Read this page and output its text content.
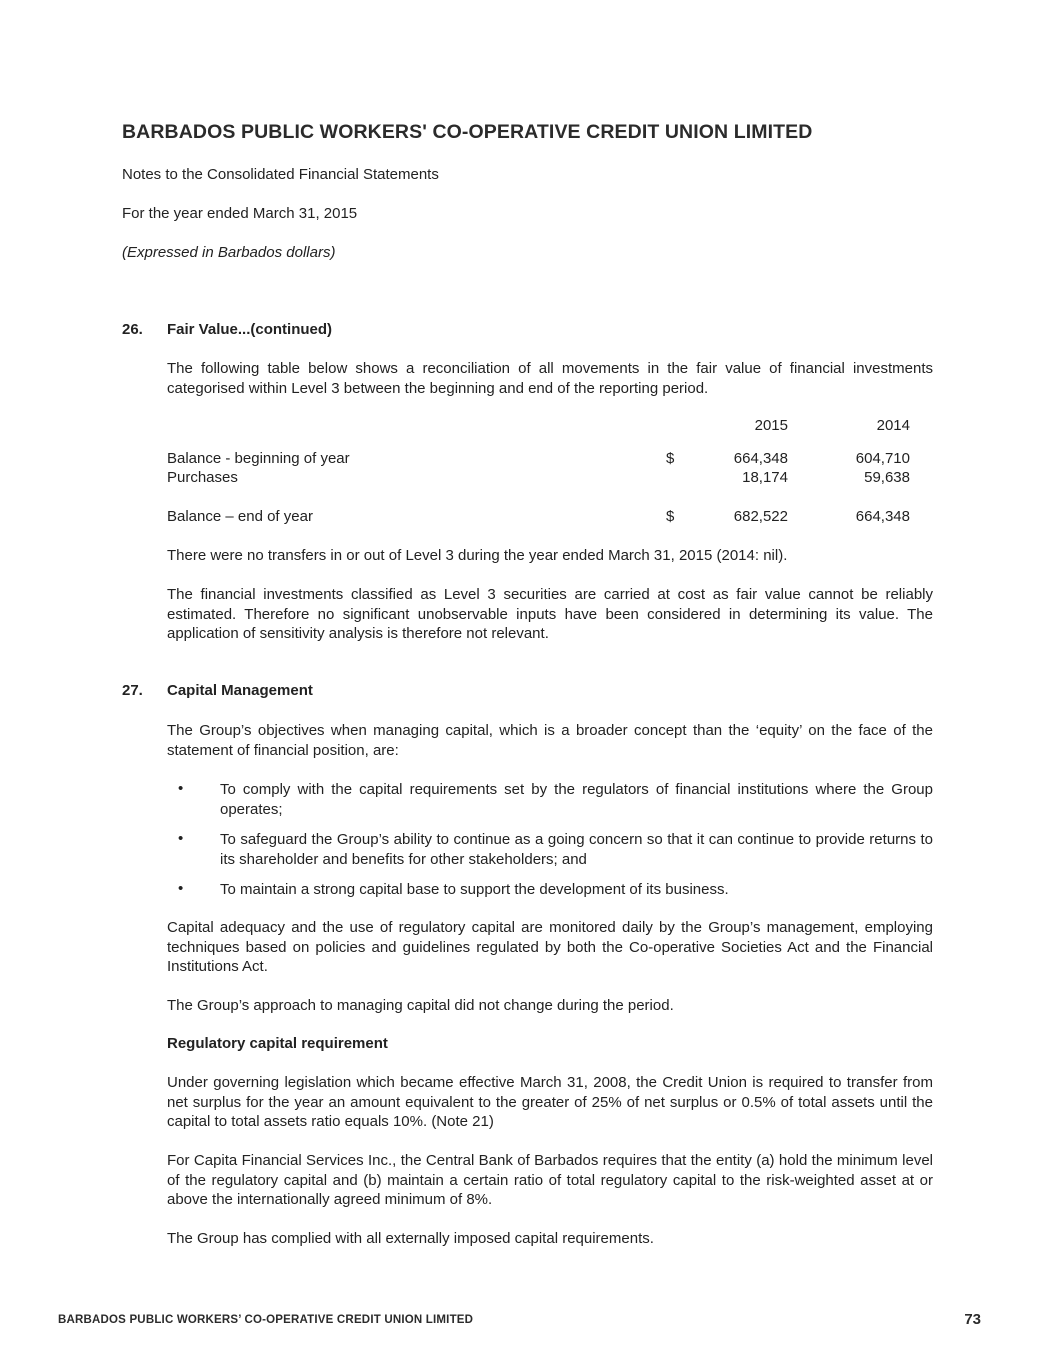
BARBADOS PUBLIC WORKERS' CO-OPERATIVE CREDIT UNION LIMITED
Notes to the Consolidated Financial Statements
For the year ended March 31, 2015
(Expressed in Barbados dollars)
26. Fair Value...(continued)
The following table below shows a reconciliation of all movements in the fair value of financial investments categorised within Level 3 between the beginning and end of the reporting period.
2015	2014
Balance - beginning of year	$	664,348	604,710
Purchases	18,174	59,638
Balance – end of year	$	682,522	664,348
There were no transfers in or out of Level 3 during the year ended March 31, 2015 (2014: nil).
The financial investments classified as Level 3 securities are carried at cost as fair value cannot be reliably estimated. Therefore no significant unobservable inputs have been considered in determining its value. The application of sensitivity analysis is therefore not relevant.
27. Capital Management
The Group’s objectives when managing capital, which is a broader concept than the ‘equity’ on the face of the statement of financial position, are:
• To comply with the capital requirements set by the regulators of financial institutions where the Group operates;
• To safeguard the Group’s ability to continue as a going concern so that it can continue to provide returns to its shareholder and benefits for other stakeholders; and
• To maintain a strong capital base to support the development of its business.
Capital adequacy and the use of regulatory capital are monitored daily by the Group’s management, employing techniques based on policies and guidelines regulated by both the Co-operative Societies Act and the Financial Institutions Act.
The Group’s approach to managing capital did not change during the period.
Regulatory capital requirement
Under governing legislation which became effective March 31, 2008, the Credit Union is required to transfer from net surplus for the year an amount equivalent to the greater of 25% of net surplus or 0.5% of total assets until the capital to total assets ratio equals 10%. (Note 21)
For Capita Financial Services Inc., the Central Bank of Barbados requires that the entity (a) hold the minimum level of the regulatory capital and (b) maintain a certain ratio of total regulatory capital to the risk-weighted asset at or above the internationally agreed minimum of 8%.
The Group has complied with all externally imposed capital requirements.
BARBADOS PUBLIC WORKERS’ CO-OPERATIVE CREDIT UNION LIMITED	73
